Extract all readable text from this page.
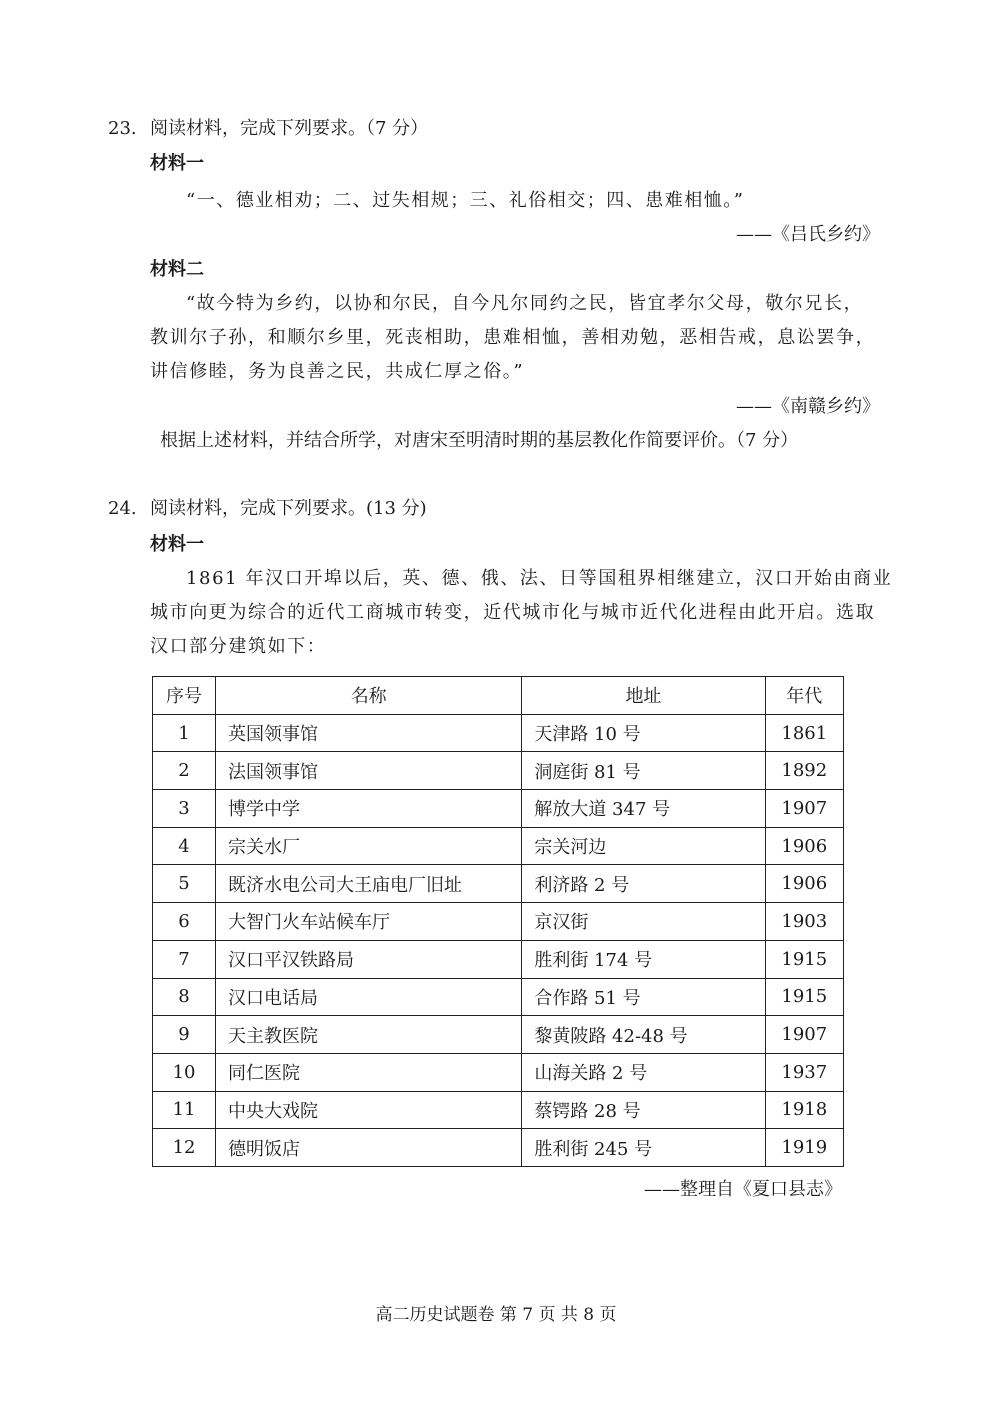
23. 阅读材料，完成下列要求。（7 分）
材料一
“一、德业相劝；二、过失相规；三、礼俗相交；四、患难相恤。”
——《吕氏乡约》
材料二
“故今特为乡约，以协和尔民，自今凡尔同约之民，皆宜孝尔父母，敬尔兄长，
教训尔子孙，和顺尔乡里，死丧相助，患难相恤，善相劝勉，恶相告戒，息讼罢争，
讲信修睦，务为良善之民，共成仁厚之俗。”
——《南赣乡约》
根据上述材料，并结合所学，对唐宋至明清时期的基层教化作简要评价。（7 分）
24. 阅读材料，完成下列要求。(13 分)
材料一
1861 年汉口开埠以后，英、德、俄、法、日等国租界相继建立，汉口开始由商业
城市向更为综合的近代工商城市转变，近代城市化与城市近代化进程由此开启。选取
汉口部分建筑如下：
序号	名称	地址	年代
1	英国领事馆	天津路 10 号	1861
2	法国领事馆	洞庭街 81 号	1892
3	博学中学	解放大道 347 号	1907
4	宗关水厂	宗关河边	1906
5	既济水电公司大王庙电厂旧址	利济路 2 号	1906
6	大智门火车站候车厅	京汉街	1903
7	汉口平汉铁路局	胜利街 174 号	1915
8	汉口电话局	合作路 51 号	1915
9	天主教医院	黎黄陂路 42-48 号	1907
10	同仁医院	山海关路 2 号	1937
11	中央大戏院	蔡锷路 28 号	1918
12	德明饭店	胜利街 245 号	1919
——整理自《夏口县志》
高二历史试题卷 第 7 页 共 8 页
